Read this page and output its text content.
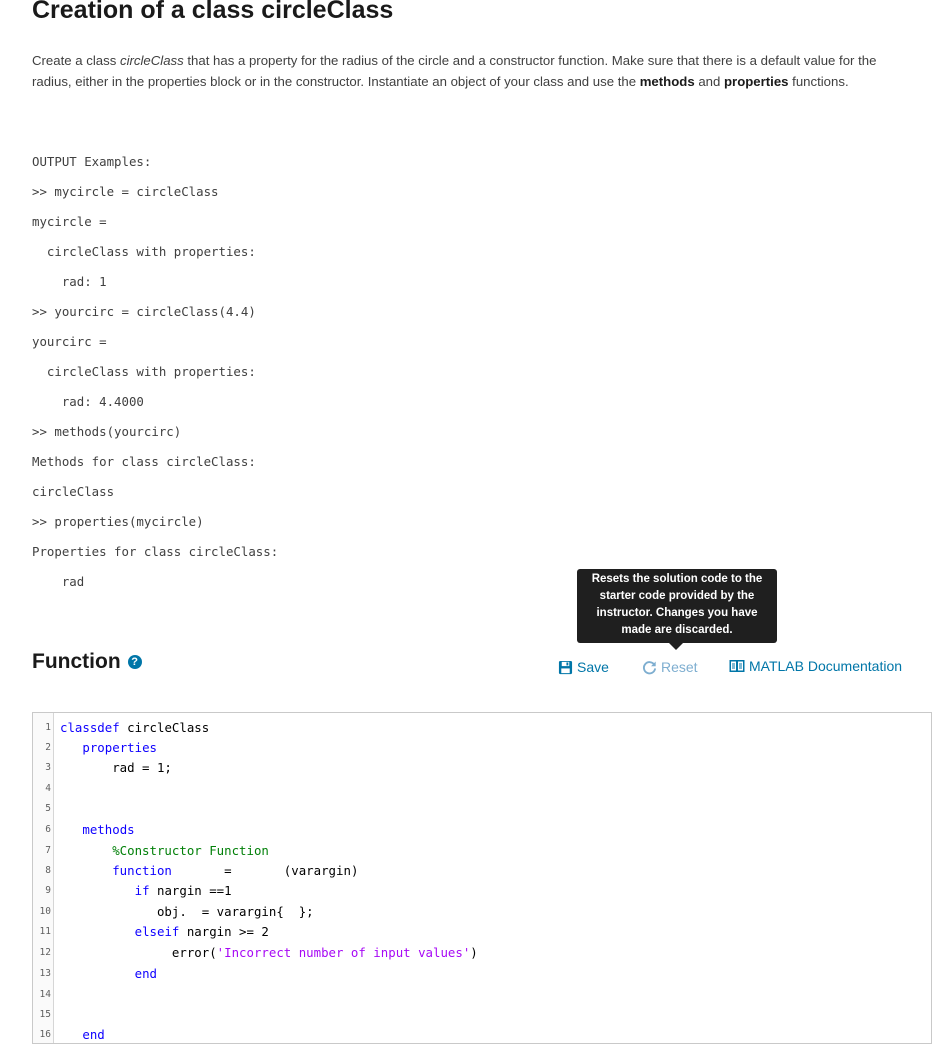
Creation of a class circleClass
Create a class circleClass that has a property for the radius of the circle and a constructor function. Make sure that there is a default value for the radius, either in the properties block or in the constructor. Instantiate an object of your class and use the methods and properties functions.
OUTPUT Examples:
>> mycircle = circleClass
mycircle =
circleClass with properties:
rad: 1
>> yourcirc = circleClass(4.4)
yourcirc =
circleClass with properties:
rad: 4.4000
>> methods(yourcirc)
Methods for class circleClass:
circleClass
>> properties(mycircle)
Properties for class circleClass:
rad
Function ?
Resets the solution code to the starter code provided by the instructor. Changes you have made are discarded.
Save	Reset	MATLAB Documentation
1
2
3
4
5
6
7
8
9
10
11
12
13
14
15
16
classdef circleClass
properties
rad = 1;
methods
%Constructor Function
function       =       (varargin)
if nargin ==1
obj.  = varargin{  };
elseif nargin >= 2
error('Incorrect number of input values')
end
end
